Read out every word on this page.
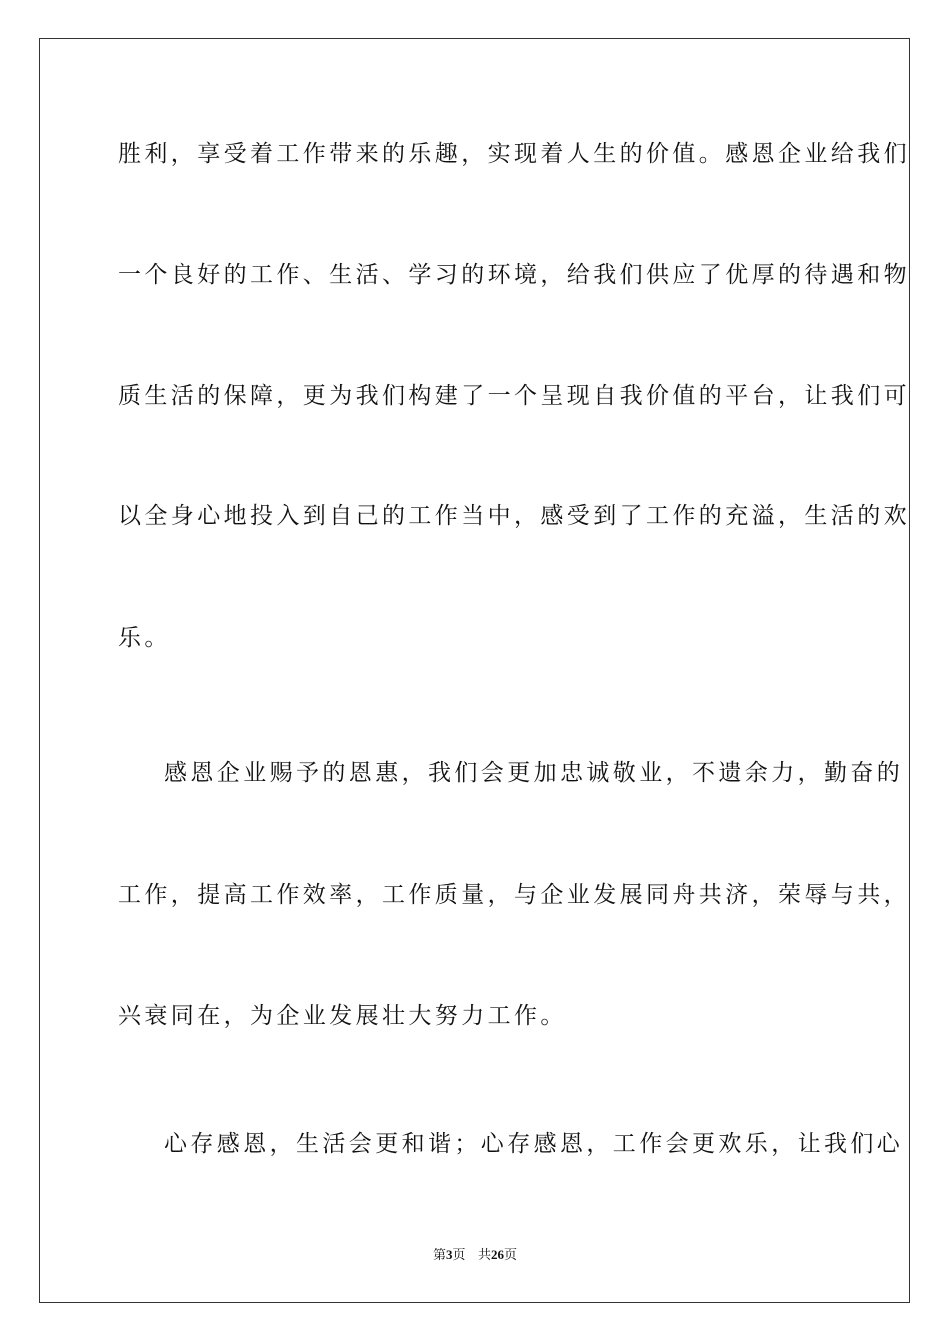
胜利，享受着工作带来的乐趣，实现着人生的价值。感恩企业给我们
一个良好的工作、生活、学习的环境，给我们供应了优厚的待遇和物
质生活的保障，更为我们构建了一个呈现自我价值的平台，让我们可
以全身心地投入到自己的工作当中，感受到了工作的充溢，生活的欢
乐。
感恩企业赐予的恩惠，我们会更加忠诚敬业，不遗余力，勤奋的
工作，提高工作效率，工作质量，与企业发展同舟共济，荣辱与共，
兴衰同在，为企业发展壮大努力工作。
心存感恩，生活会更和谐；心存感恩，工作会更欢乐，让我们心
第3页 共26页
